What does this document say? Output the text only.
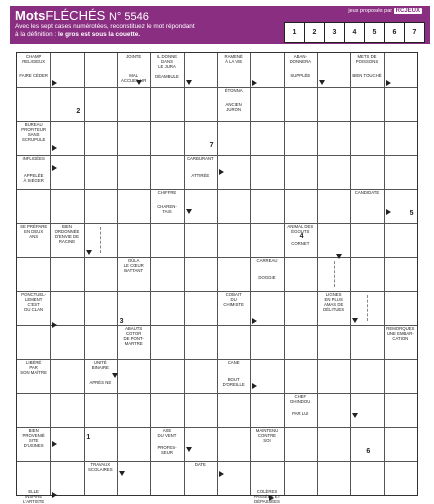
MotsFLÉCHÉS N° 5546
Avec les sept cases numérotées, reconstituez le mot répondant
à la définition : le gros est sous la couette.
jeux proposés par RCJEUX
1	2	3	4	5	6	7
CHAMP
RELIGIEUX
JOINTE	IL DONNE
DANS
LE JURA
RAMENÉ
À LA VIE
ABAN-
DONNERA
METS DE
POISSONS
FAIRE CÉDER	MAL
ACCUEILLIR
DÉAMBULE	SUPPLÉE	BIEN TOUCHÉ
ÉTONNA
ANCIEN
JURON
BUREAU
PROFITEUR
SANS
SCRUPULE
INFLIGÉES	CARBURANT
APPELÉE
À SIÉGER
ATTIRÉE
CHIFFRE
CHAREN-
TAIS
CANDIDATE
SE PRÉPARE
EN DEUX
ANS
BIEN
ORDONNÉE
D'ENVIE DE
RACINE
ANIMAL DES
ÉGOUTS
CORNET
OÙLA
LE CŒUR
BATTANT
CARREAU
DOGGIE
PONCTUEL-
LEMENT
C'EST
DU CLAN
COBAIT
DU
CHIMISTE
LIGNES
EN PLUS
AMAS DE
DÉLITUES
ABAUTS
COTOR
DE PONT-
MARTRE
REMORQUES
UNE EMBAR-
CATION
LIBÉRÉ
PAR
SON MAÎTRE
UNITÉ
BINAIRE
CANE
BOUT
D'OREILLE
APRÈS NE
CHEF
DHINDOU
PAR LUI
BIEN
PROVENIÉ
SITE
D'USINES
AXE
DU VENT
MAINTENU
CONTRE
SOI
PROFES-
SEUR
TRAVAUX
SCOLAIRES
DATE
ELLE
INSPIRE
L'ARTISTE
COLÈRES
PASSÉES ET
DÉPASSÉES
2
7
5
4
3
1
6
